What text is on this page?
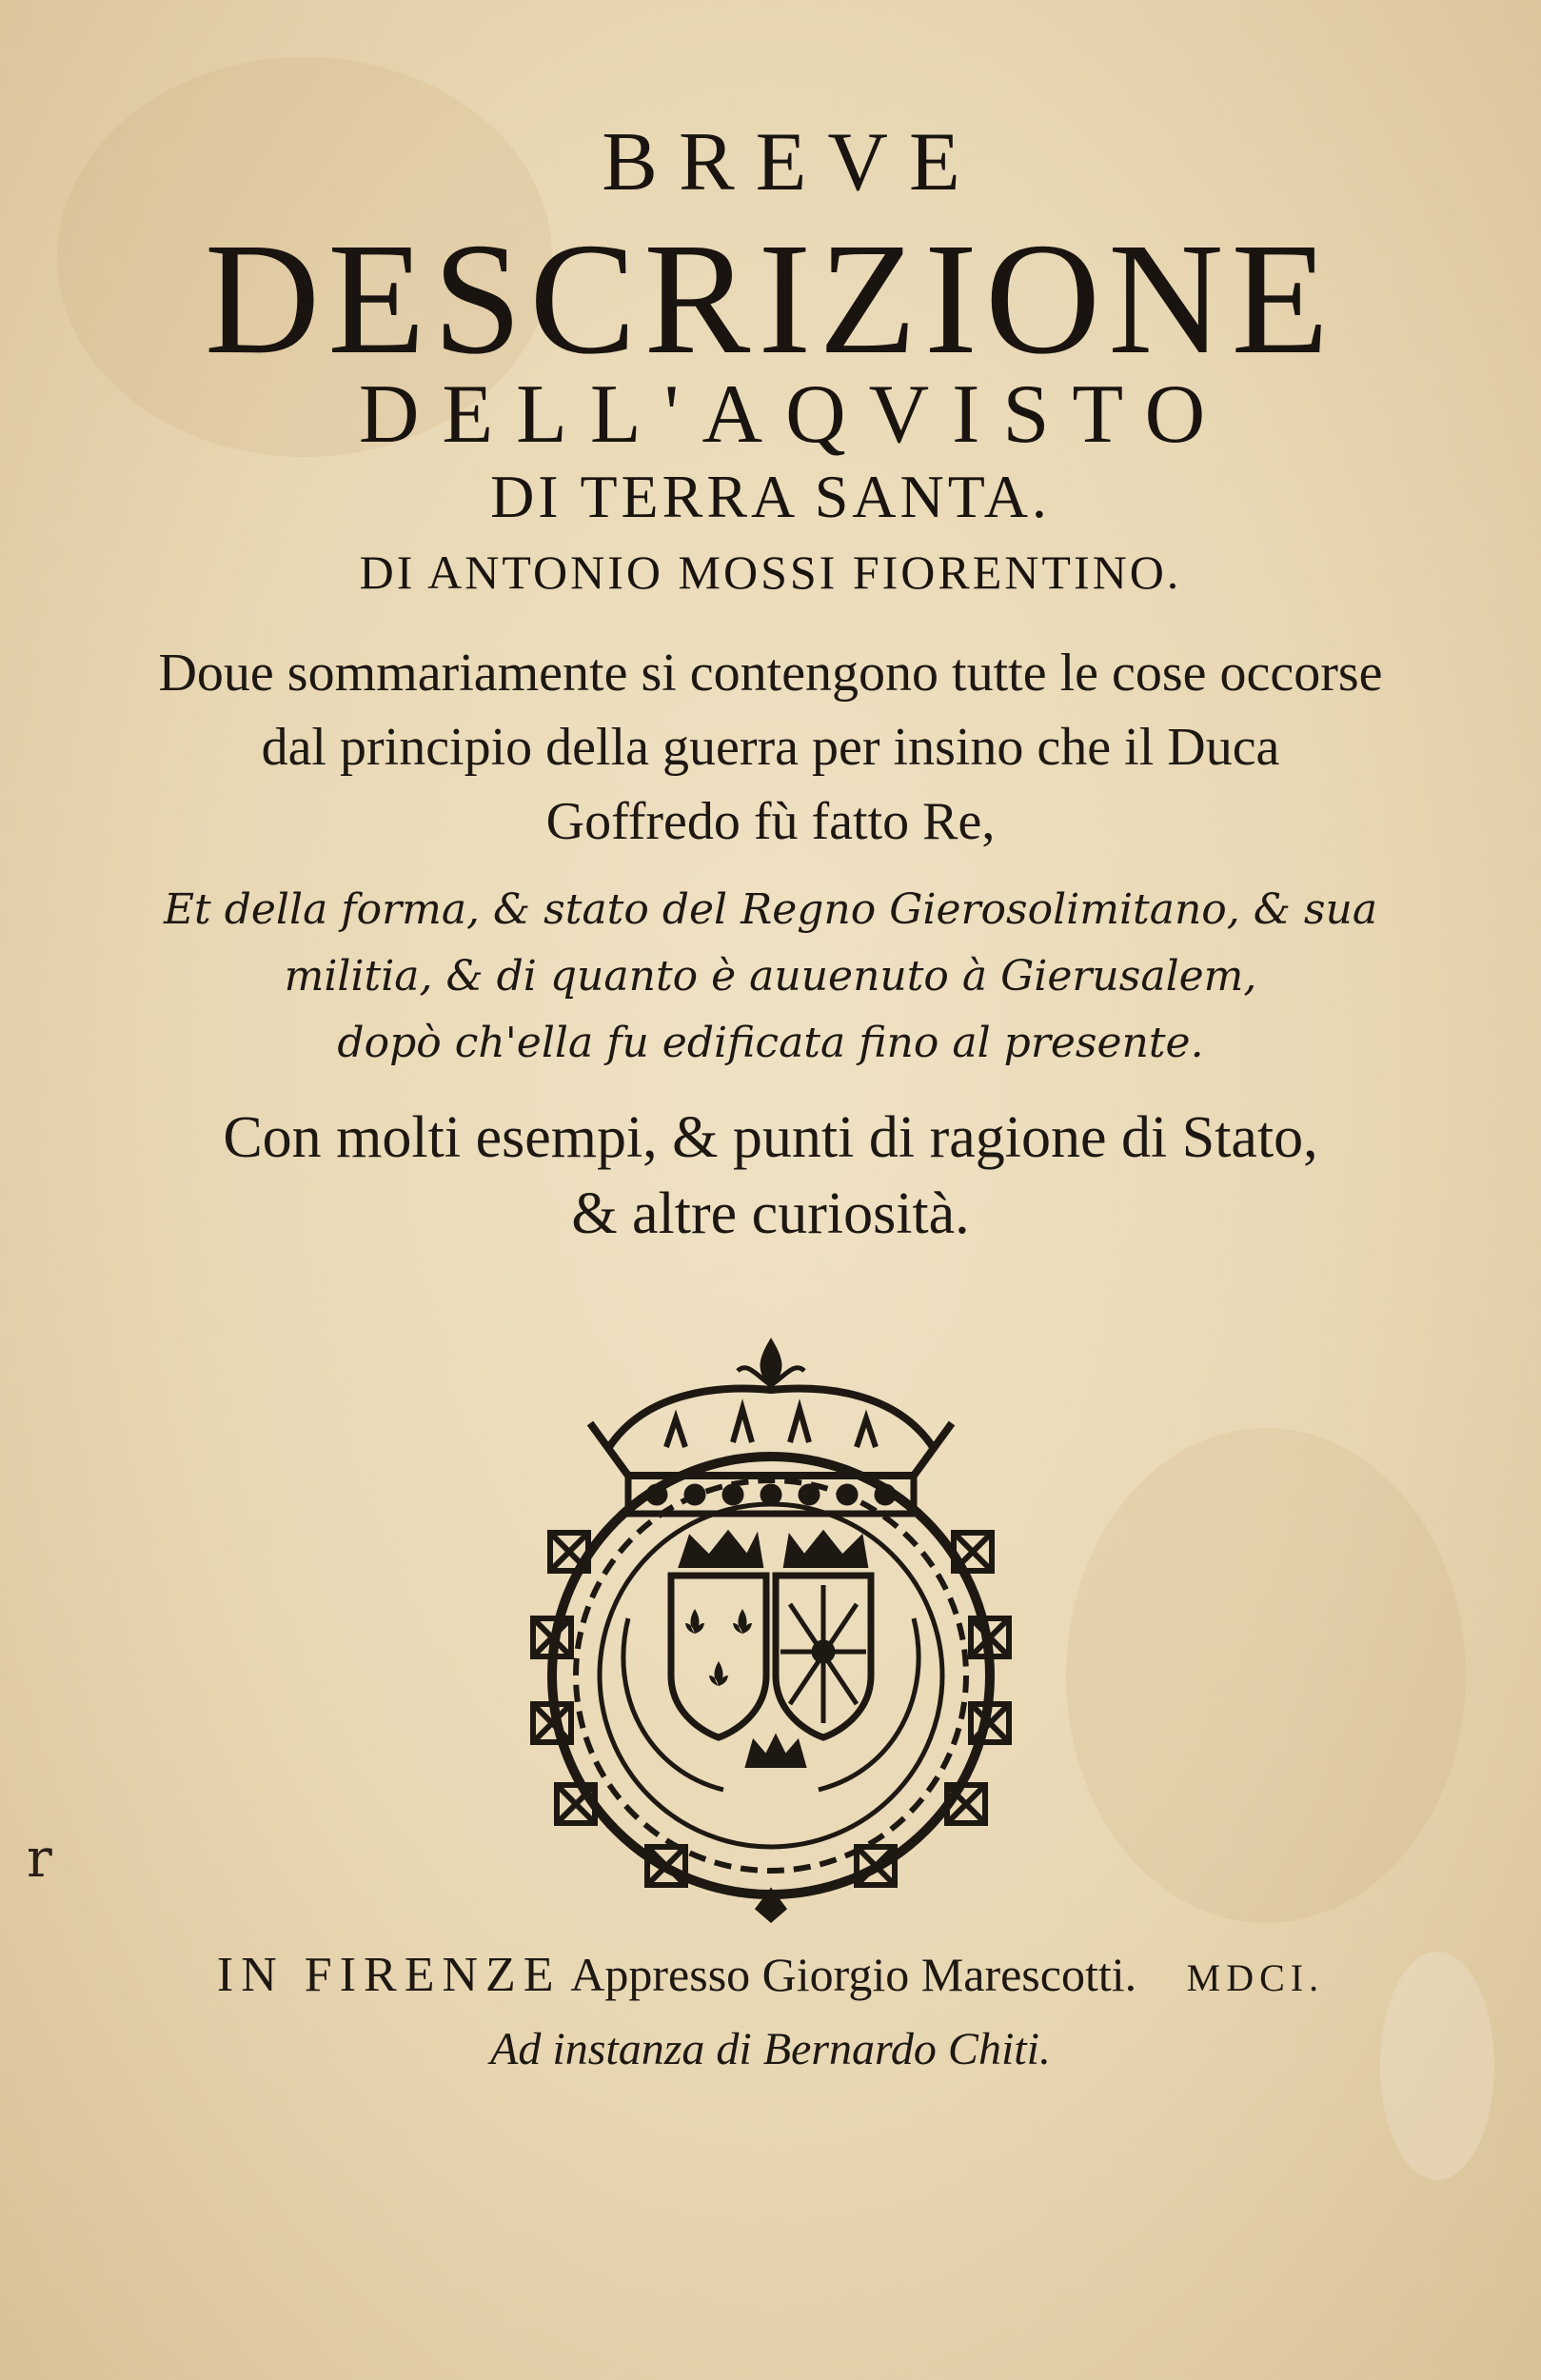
BREVE
DESCRIZIONE
DELL'AQVISTO
DI TERRA SANTA.
DI ANTONIO MOSSI FIORENTINO.
Doue sommariamente si contengono tutte le cose occorse
dal principio della guerra per insino che il Duca
Goffredo fù fatto Re,
Et della forma, & stato del Regno Gierosolimitano, & sua
militia, & di quanto è auuenuto à Gierusalem,
dopò ch'ella fu edificata fino al presente.
Con molti esempi, & punti di ragione di Stato,
& altre curiosità.
IN FIRENZE Appresso Giorgio Marescotti. MDCI.
Ad instanza di Bernardo Chiti.
r
